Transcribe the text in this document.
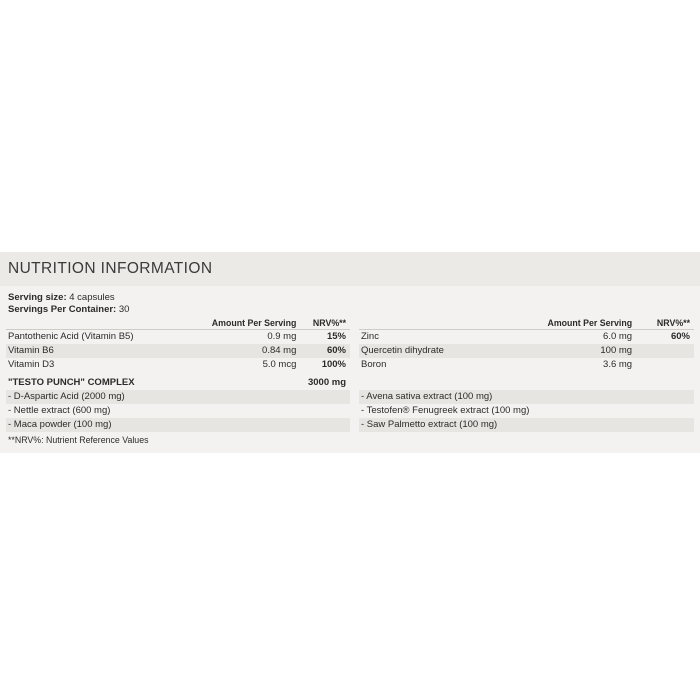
NUTRITION INFORMATION
Serving size: 4 capsules
Servings Per Container: 30
	Amount Per Serving	NRV%**
Pantothenic Acid (Vitamin B5)	0.9 mg	15%
Vitamin B6	0.84 mg	60%
Vitamin D3	5.0 mcg	100%
"TESTO PUNCH" COMPLEX	3000 mg
- D-Aspartic Acid (2000 mg)
- Nettle extract (600 mg)
- Maca powder (100 mg)
	Amount Per Serving	NRV%**
Zinc	6.0 mg	60%
Quercetin dihydrate	100 mg	
Boron	3.6 mg	

- Avena sativa extract (100 mg)
- Testofen® Fenugreek extract (100 mg)
- Saw Palmetto extract (100 mg)
**NRV%: Nutrient Reference Values
